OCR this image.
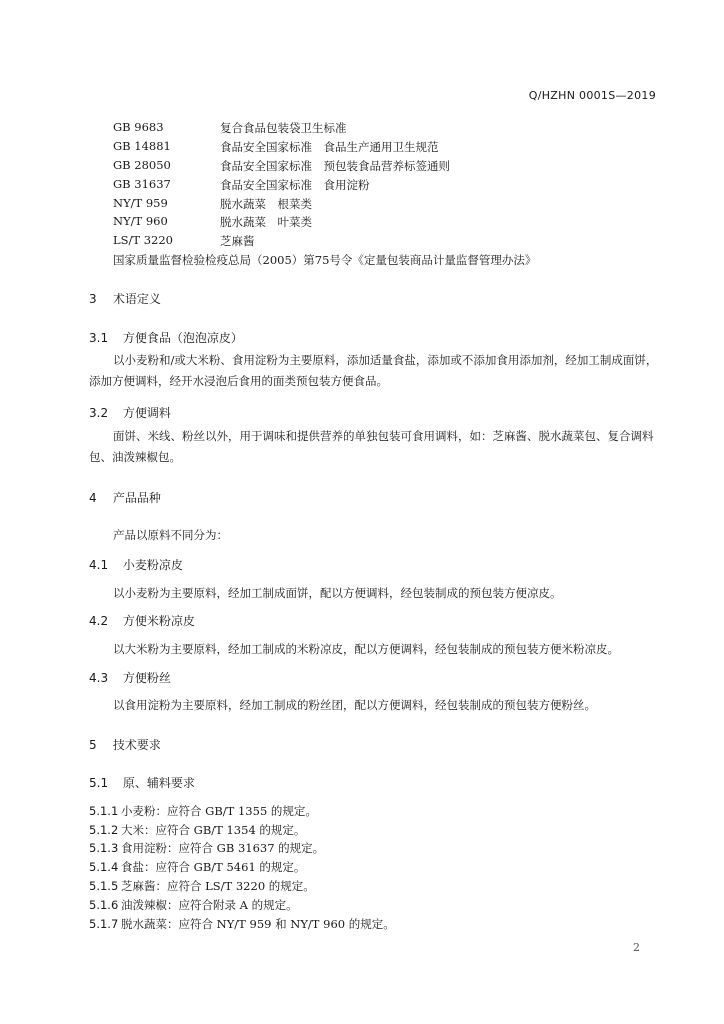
Q/HZHN 0001S—2019
GB 9683	复合食品包装袋卫生标准
GB 14881	食品安全国家标准　食品生产通用卫生规范
GB 28050	食品安全国家标准　预包装食品营养标签通则
GB 31637	食品安全国家标准　食用淀粉
NY/T 959	脱水蔬菜　根菜类
NY/T 960	脱水蔬菜　叶菜类
LS/T 3220	芝麻酱
国家质量监督检验检疫总局（2005）第75号令《定量包装商品计量监督管理办法》
3 术语定义
3.1 方便食品（泡泡凉皮）
以小麦粉和/或大米粉、食用淀粉为主要原料，添加适量食盐，添加或不添加食用添加剂，经加工制成面饼，添加方便调料，经开水浸泡后食用的面类预包装方便食品。
3.2 方便调料
面饼、米线、粉丝以外，用于调味和提供营养的单独包装可食用调料，如：芝麻酱、脱水蔬菜包、复合调料包、油泼辣椒包。
4 产品品种
产品以原料不同分为：
4.1 小麦粉凉皮
以小麦粉为主要原料，经加工制成面饼，配以方便调料，经包装制成的预包装方便凉皮。
4.2 方便米粉凉皮
以大米粉为主要原料，经加工制成的米粉凉皮，配以方便调料，经包装制成的预包装方便米粉凉皮。
4.3 方便粉丝
以食用淀粉为主要原料，经加工制成的粉丝团，配以方便调料，经包装制成的预包装方便粉丝。
5 技术要求
5.1 原、辅料要求
5.1.1 小麦粉：应符合 GB/T 1355 的规定。
5.1.2 大米：应符合 GB/T 1354 的规定。
5.1.3 食用淀粉：应符合 GB 31637 的规定。
5.1.4 食盐：应符合 GB/T 5461 的规定。
5.1.5 芝麻酱：应符合 LS/T 3220 的规定。
5.1.6 油泼辣椒：应符合附录 A 的规定。
5.1.7 脱水蔬菜：应符合 NY/T 959 和 NY/T 960 的规定。
2
